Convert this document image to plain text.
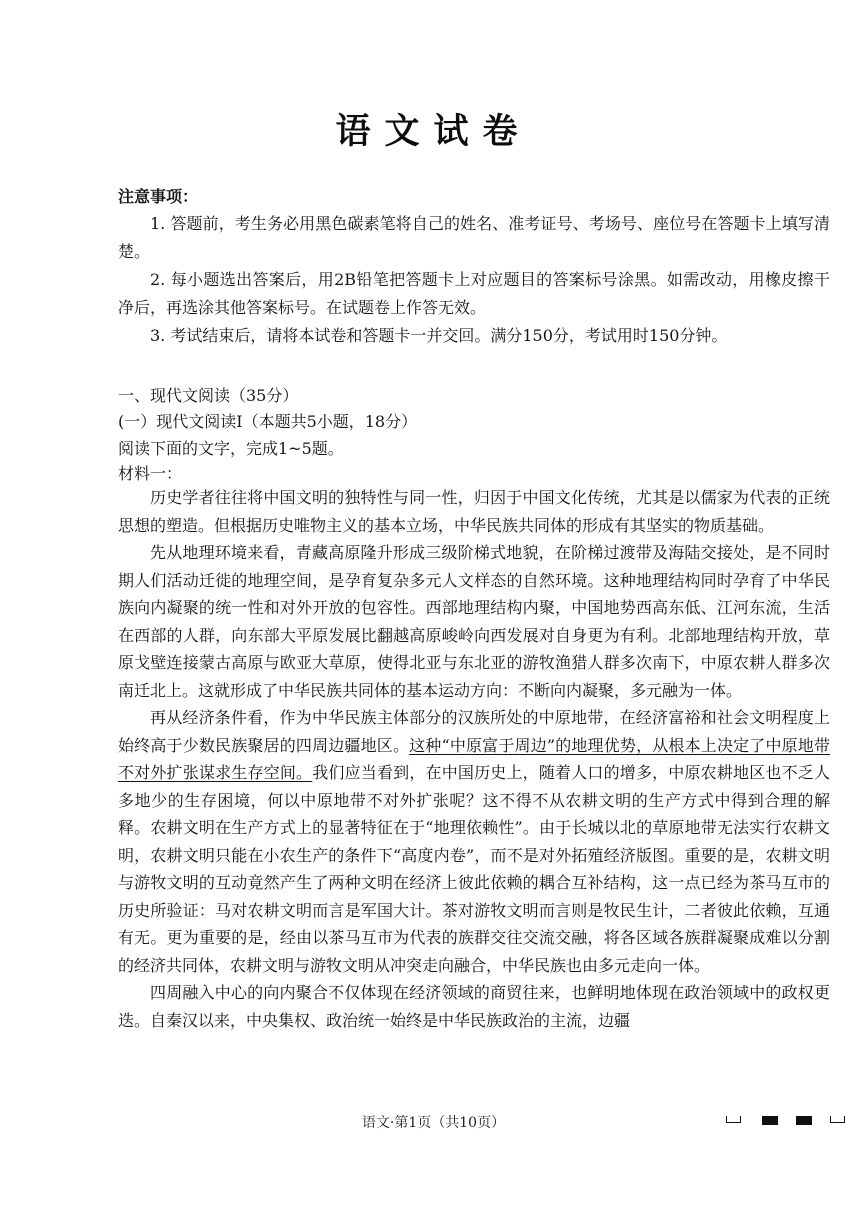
语文试卷
注意事项：

1. 答题前，考生务必用黑色碳素笔将自己的姓名、准考证号、考场号、座位号在答题卡上填写清楚。

2. 每小题选出答案后，用2B铅笔把答题卡上对应题目的答案标号涂黑。如需改动，用橡皮擦干净后，再选涂其他答案标号。在试题卷上作答无效。

3. 考试结束后，请将本试卷和答题卡一并交回。满分150分，考试用时150分钟。

一、现代文阅读（35分）
(一）现代文阅读Ⅰ（本题共5小题，18分）
阅读下面的文字，完成1~5题。
材料一：

历史学者往往将中国文明的独特性与同一性，归因于中国文化传统，尤其是以儒家为代表的正统思想的塑造。但根据历史唯物主义的基本立场，中华民族共同体的形成有其坚实的物质基础。

先从地理环境来看，青藏高原隆升形成三级阶梯式地貌，在阶梯过渡带及海陆交接处，是不同时期人们活动迁徙的地理空间，是孕育复杂多元人文样态的自然环境。这种地理结构同时孕育了中华民族向内凝聚的统一性和对外开放的包容性。西部地理结构内聚，中国地势西高东低、江河东流，生活在西部的人群，向东部大平原发展比翻越高原峻岭向西发展对自身更为有利。北部地理结构开放，草原戈壁连接蒙古高原与欧亚大草原，使得北亚与东北亚的游牧渔猎人群多次南下，中原农耕人群多次南迁北上。这就形成了中华民族共同体的基本运动方向：不断向内凝聚，多元融为一体。

再从经济条件看，作为中华民族主体部分的汉族所处的中原地带，在经济富裕和社会文明程度上始终高于少数民族聚居的四周边疆地区。这种“中原富于周边”的地理优势，从根本上决定了中原地带不对外扩张谋求生存空间。我们应当看到，在中国历史上，随着人口的增多，中原农耕地区也不乏人多地少的生存困境，何以中原地带不对外扩张呢？这不得不从农耕文明的生产方式中得到合理的解释。农耕文明在生产方式上的显著特征在于“地理依赖性”。由于长城以北的草原地带无法实行农耕文明，农耕文明只能在小农生产的条件下“高度内卷”，而不是对外拓殖经济版图。重要的是，农耕文明与游牧文明的互动竟然产生了两种文明在经济上彼此依赖的耦合互补结构，这一点已经为茶马互市的历史所验证：马对农耕文明而言是军国大计。茶对游牧文明而言则是牧民生计，二者彼此依赖，互通有无。更为重要的是，经由以茶马互市为代表的族群交往交流交融，将各区域各族群凝聚成难以分割的经济共同体，农耕文明与游牧文明从冲突走向融合，中华民族也由多元走向一体。

四周融入中心的向内聚合不仅体现在经济领域的商贸往来，也鲜明地体现在政治领域中的政权更迭。自秦汉以来，中央集权、政治统一始终是中华民族政治的主流，边疆

语文·第1页（共10页）
